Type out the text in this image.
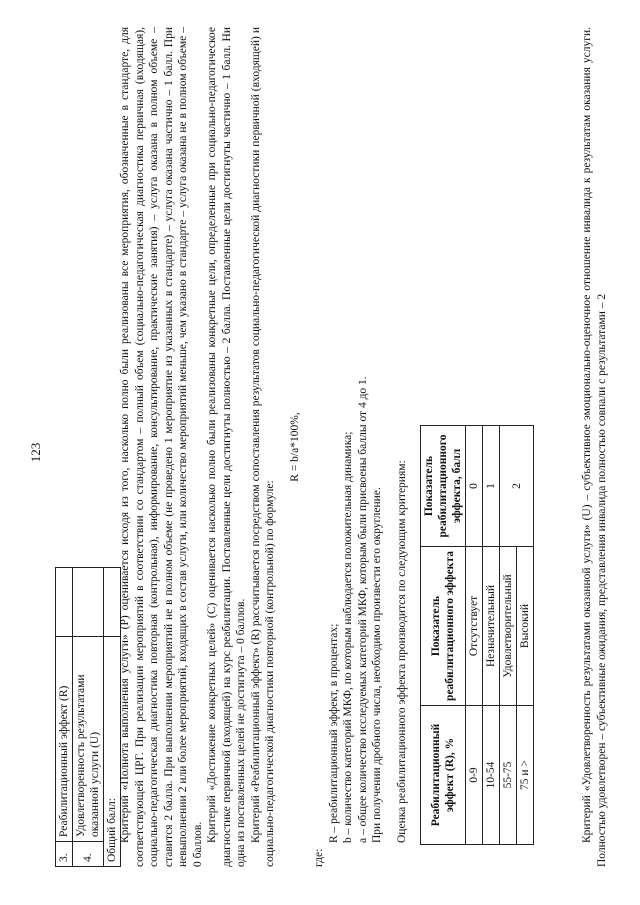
123
3.	Реабилитационный эффект (R)	
4.	Удовлетворенность результатами оказанной услуги (U)	
Общий балл:		Критерий «Полнота выполнения услуги» (P) оценивается исходя из того, насколько полно были реализованы все мероприятия, обозначенные в стандарте, для соответствующей ЦРГ. При реализации мероприятий в соответствии со стандартом – полный объем (социально-педагогическая диагностика первичная (входящая), социально-педагогическая диагностика повторная (контрольная), информирование, консультирование, практические занятия) – услуга оказана в полном объеме – ставится 2 балла. При выполнении мероприятий не в полном объеме (не проведено 1 мероприятие из указанных в стандарте) – услуга оказана частично – 1 балл. При невыполнении 2 или более мероприятий, входящих в состав услуги, или количество мероприятий меньше, чем указано в стандарте – услуга оказана не в полном объеме – 0 баллов.

Критерий «Достижение конкретных целей» (C) оценивается насколько полно были реализованы конкретные цели, определенные при социально-педагогическое диагностике первичной (входящей) на курс реабилитации. Поставленные цели достигнуты полностью – 2 балла. Поставленные цели достигнуты частично – 1 балл. Ни одна из поставленных целей не достигнута – 0 баллов. Критерий «Реабилитационный эффект» (R) рассчитывается посредством сопоставления результатов социально-педагогической диагностики первичной (входящей) и социально-педагогической диагностики повторной (контрольной) по формуле:

R = b/a*100%,

где:

R – реабилитационный эффект, в процентах; b – количество категорий МКФ, по которым наблюдается положительная динамика; a – общее количество исследуемых категорий МКФ, которым были присвоены баллы от 4 до 1. При получении дробного числа, необходимо произвести его округление. Оценка реабилитационного эффекта производится по следующим критериям: Реабилитационный эффект (R), %	Показатель реабилитационного эффекта	Показатель реабилитационного эффекта, балл
0-9	Отсутствует	0
10-54	Незначительный	1
55-75	Удовлетворительный	2
75 и >	Высокий		Критерий «Удовлетворенность результатами оказанной услуги» (U) – субъективное эмоционально-оценочное отношение инвалида к результатам оказания услуги. Полностью удовлетворен – субъективные ожидания, представления инвалида полностью совпали с результатами – 2
